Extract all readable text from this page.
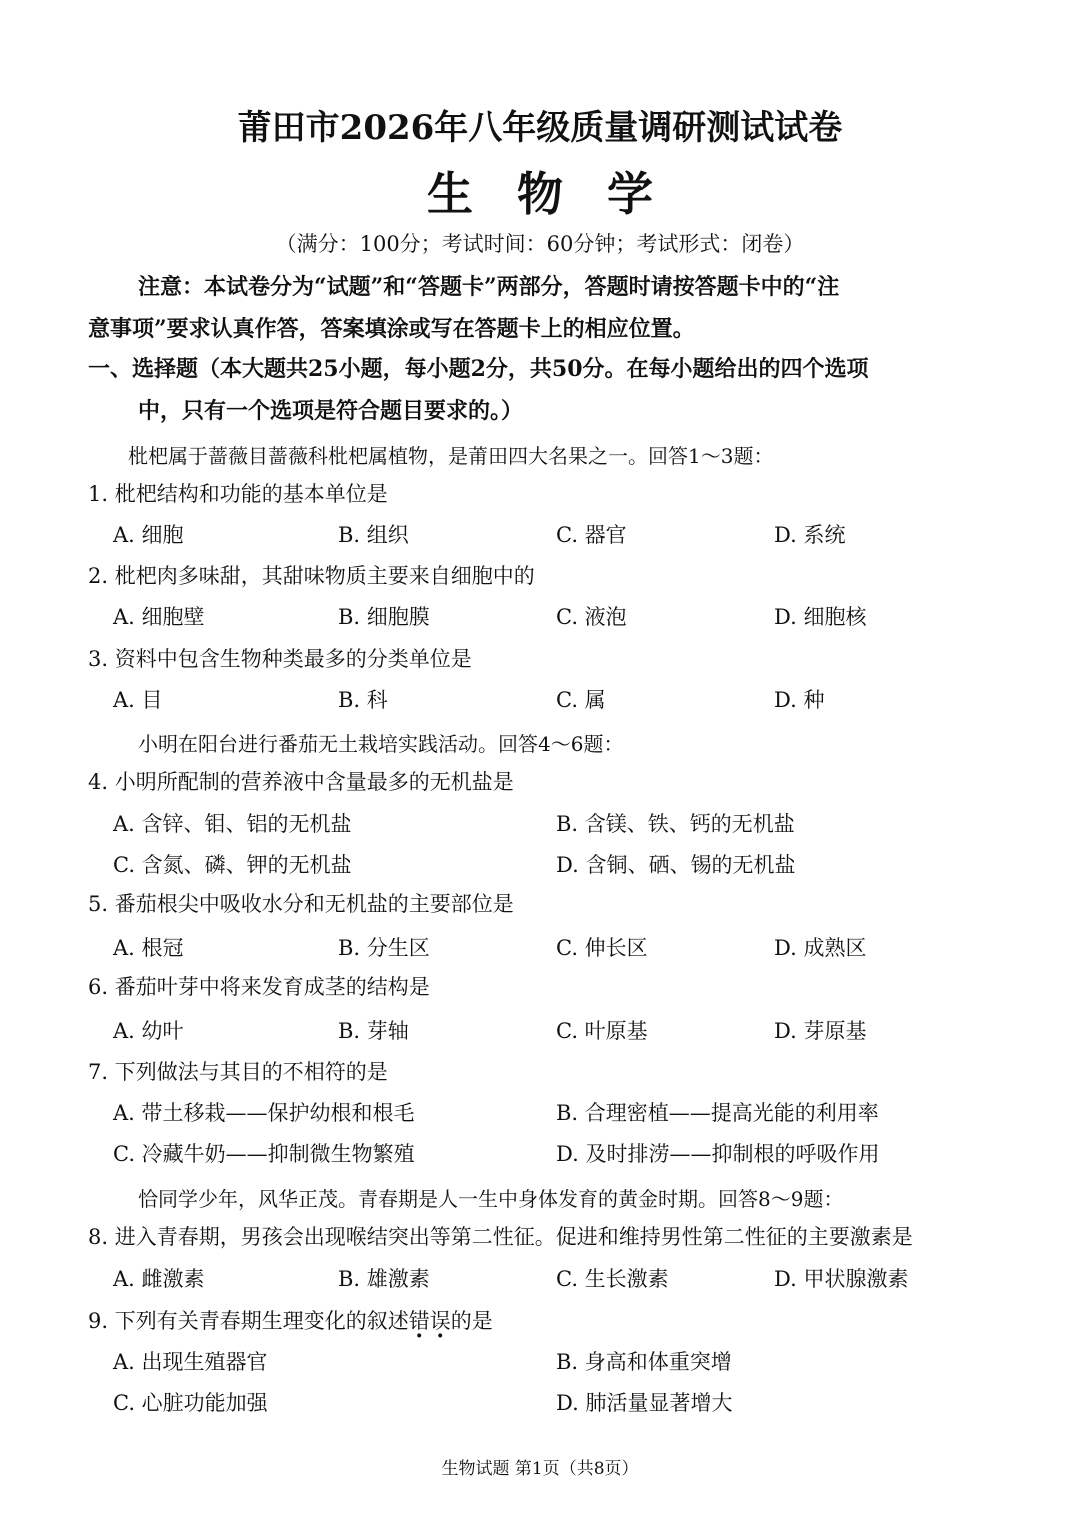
莆田市2026年八年级质量调研测试试卷
生物学
（满分：100分；考试时间：60分钟；考试形式：闭卷）
注意：本试卷分为“试题”和“答题卡”两部分，答题时请按答题卡中的“注
意事项”要求认真作答，答案填涂或写在答题卡上的相应位置。
一、选择题（本大题共25小题，每小题2分，共50分。在每小题给出的四个选项
中，只有一个选项是符合题目要求的。）
枇杷属于蔷薇目蔷薇科枇杷属植物，是莆田四大名果之一。回答1～3题：
1. 枇杷结构和功能的基本单位是
A. 细胞	B. 组织	C. 器官	D. 系统
2. 枇杷肉多味甜，其甜味物质主要来自细胞中的
A. 细胞壁	B. 细胞膜	C. 液泡	D. 细胞核
3. 资料中包含生物种类最多的分类单位是
A. 目	B. 科	C. 属	D. 种
小明在阳台进行番茄无土栽培实践活动。回答4～6题：
4. 小明所配制的营养液中含量最多的无机盐是
A. 含锌、钼、铝的无机盐	B. 含镁、铁、钙的无机盐
C. 含氮、磷、钾的无机盐	D. 含铜、硒、锡的无机盐
5. 番茄根尖中吸收水分和无机盐的主要部位是
A. 根冠	B. 分生区	C. 伸长区	D. 成熟区
6. 番茄叶芽中将来发育成茎的结构是
A. 幼叶	B. 芽轴	C. 叶原基	D. 芽原基
7. 下列做法与其目的不相符的是
A. 带土移栽——保护幼根和根毛	B. 合理密植——提高光能的利用率
C. 冷藏牛奶——抑制微生物繁殖	D. 及时排涝——抑制根的呼吸作用
恰同学少年，风华正茂。青春期是人一生中身体发育的黄金时期。回答8～9题：
8. 进入青春期，男孩会出现喉结突出等第二性征。促进和维持男性第二性征的主要激素是
A. 雌激素	B. 雄激素	C. 生长激素	D. 甲状腺激素
9. 下列有关青春期生理变化的叙述错误的是
A. 出现生殖器官	B. 身高和体重突增
C. 心脏功能加强	D. 肺活量显著增大
生物试题 第1页（共8页）
